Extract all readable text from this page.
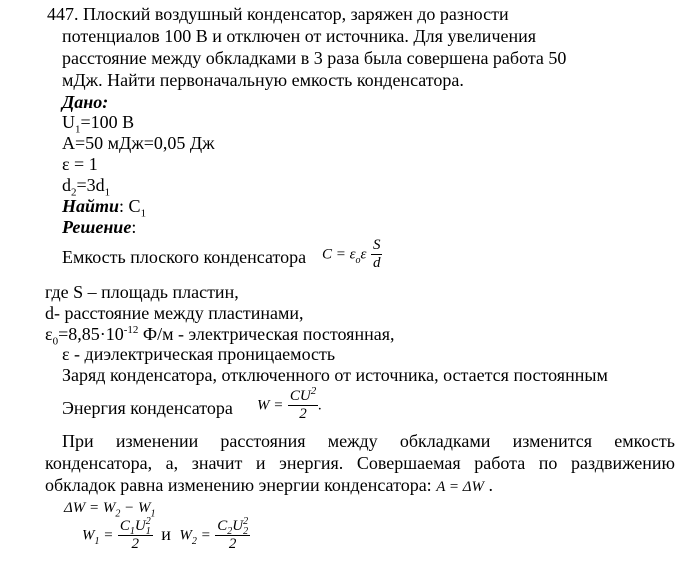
447. Плоский воздушный конденсатор, заряжен до разности
потенциалов 100 В и отключен от источника. Для увеличения
расстояние между обкладками в 3 раза была совершена работа 50
мДж. Найти первоначальную емкость конденсатора.
Дано:
$U_1=100$ В
A=50 мДж=0,05 Дж
ε = 1
$d_2=3d_1$
Найти: $C_1$
Решение:
Емкость плоского конденсатора $C = \varepsilon_o\varepsilon \frac{S}{d}$
где S – площадь пластин,
d- расстояние между пластинами,
$\varepsilon_0=8,85\cdot 10^{-12}$ Ф/м - электрическая постоянная,
ε - диэлектрическая проницаемость
Заряд конденсатора, отключенного от источника, остается постоянным
Энергия конденсатора $W = \frac{CU^2}{2}$ .
При изменении расстояния между обкладками изменится емкость конденсатора, а, значит и энергия. Совершаемая работа по раздвижению обкладок равна изменению энергии конденсатора: A = ΔW .
$\Delta W = W_2 - W_1$
$W_1 = \frac{C_1U^2_1}{2}$ и $W_2 = \frac{C_2U^2_2}{2}$
